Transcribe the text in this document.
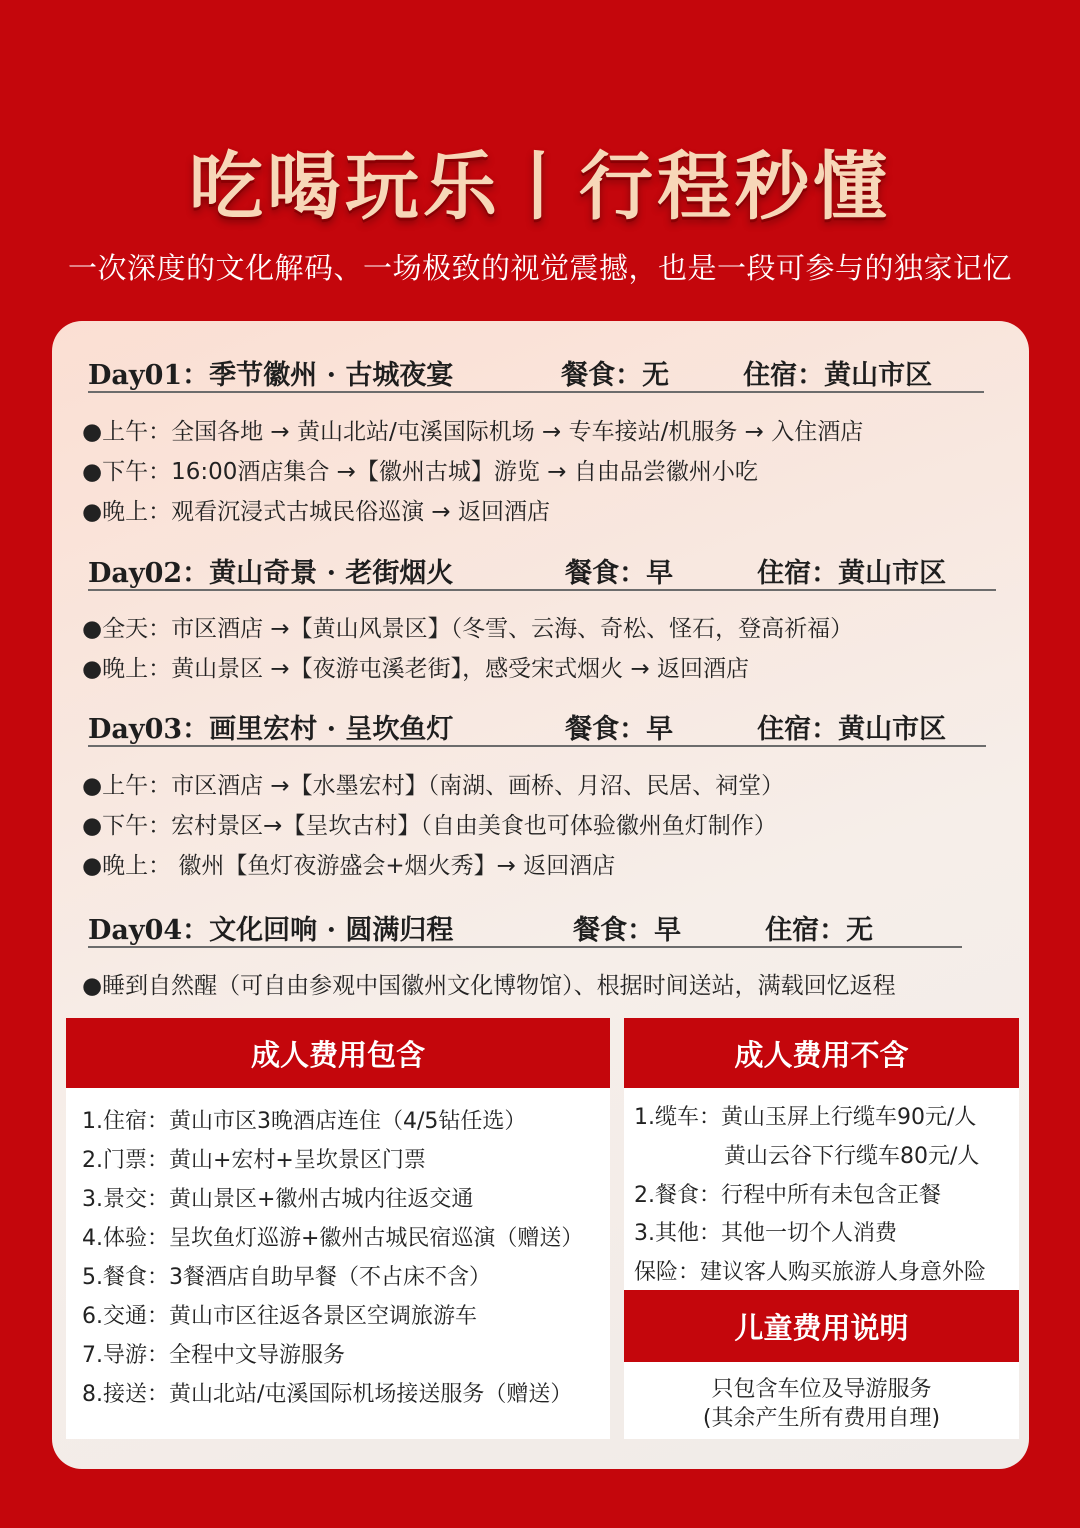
吃喝玩乐丨行程秒懂
一次深度的文化解码、一场极致的视觉震撼，也是一段可参与的独家记忆
Day01：季节徽州 · 古城夜宴	餐食：无	住宿：黄山市区
●上午：全国各地 → 黄山北站/屯溪国际机场 → 专车接站/机服务 → 入住酒店
●下午：16:00酒店集合 →【徽州古城】游览 → 自由品尝徽州小吃
●晚上：观看沉浸式古城民俗巡演 → 返回酒店
Day02：黄山奇景 · 老街烟火	餐食：早	住宿：黄山市区
●全天：市区酒店 →【黄山风景区】（冬雪、云海、奇松、怪石，登高祈福）
●晚上：黄山景区 →【夜游屯溪老街】，感受宋式烟火 → 返回酒店
Day03：画里宏村 · 呈坎鱼灯	餐食：早	住宿：黄山市区
●上午：市区酒店 →【水墨宏村】（南湖、画桥、月沼、民居、祠堂）
●下午：宏村景区→【呈坎古村】（自由美食也可体验徽州鱼灯制作）
●晚上： 徽州【鱼灯夜游盛会+烟火秀】→ 返回酒店
Day04：文化回响 · 圆满归程	餐食：早	住宿：无
●睡到自然醒（可自由参观中国徽州文化博物馆）、根据时间送站，满载回忆返程
成人费用包含
1.住宿：黄山市区3晚酒店连住（4/5钻任选）
2.门票：黄山+宏村+呈坎景区门票
3.景交：黄山景区+徽州古城内往返交通
4.体验：呈坎鱼灯巡游+徽州古城民宿巡演（赠送）
5.餐食：3餐酒店自助早餐（不占床不含）
6.交通：黄山市区往返各景区空调旅游车
7.导游：全程中文导游服务
8.接送：黄山北站/屯溪国际机场接送服务（赠送）
成人费用不含
1.缆车：黄山玉屏上行缆车90元/人
黄山云谷下行缆车80元/人
2.餐食：行程中所有未包含正餐
3.其他：其他一切个人消费
保险：建议客人购买旅游人身意外险
儿童费用说明
只包含车位及导游服务
(其余产生所有费用自理)
